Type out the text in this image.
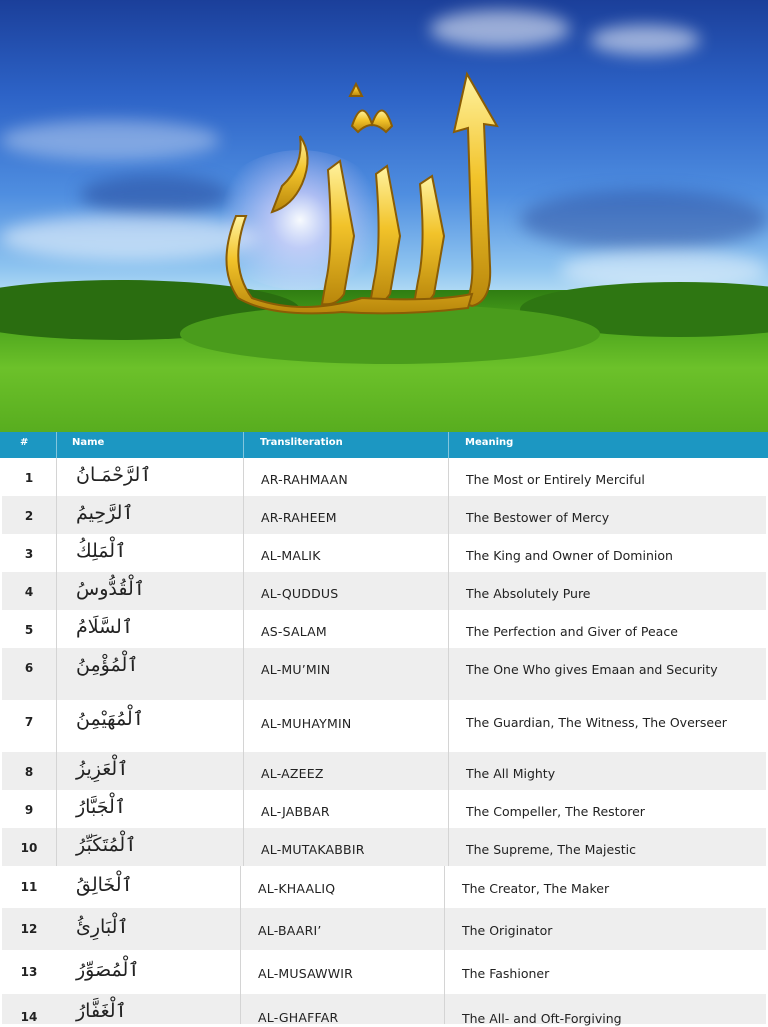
#	Name	Transliteration	Meaning
1	ٱلرَّحْمَـانُ	AR-RAHMAAN	The Most or Entirely Merciful
2	ٱلرَّحِيمُ	AR-RAHEEM	The Bestower of Mercy
3	ٱلْمَلِكُ	AL-MALIK	The King and Owner of Dominion
4	ٱلْقُدُّوسُ	AL-QUDDUS	The Absolutely Pure
5	ٱلسَّلَامُ	AS-SALAM	The Perfection and Giver of Peace
6	ٱلْمُؤْمِنُ	AL-MU’MIN	The One Who gives Emaan and Security
7	ٱلْمُهَيْمِنُ	AL-MUHAYMIN	The Guardian, The Witness, The Overseer
8	ٱلْعَزِيزُ	AL-AZEEZ	The All Mighty
9	ٱلْجَبَّارُ	AL-JABBAR	The Compeller, The Restorer
10	ٱلْمُتَكَبِّرُ	AL-MUTAKABBIR	The Supreme, The Majestic
11	ٱلْخَالِقُ	AL-KHAALIQ	The Creator, The Maker
12	ٱلْبَارِئُ	AL-BAARI’	The Originator
13	ٱلْمُصَوِّرُ	AL-MUSAWWIR	The Fashioner
14	ٱلْغَفَّارُ	AL-GHAFFAR	The All- and Oft-Forgiving
